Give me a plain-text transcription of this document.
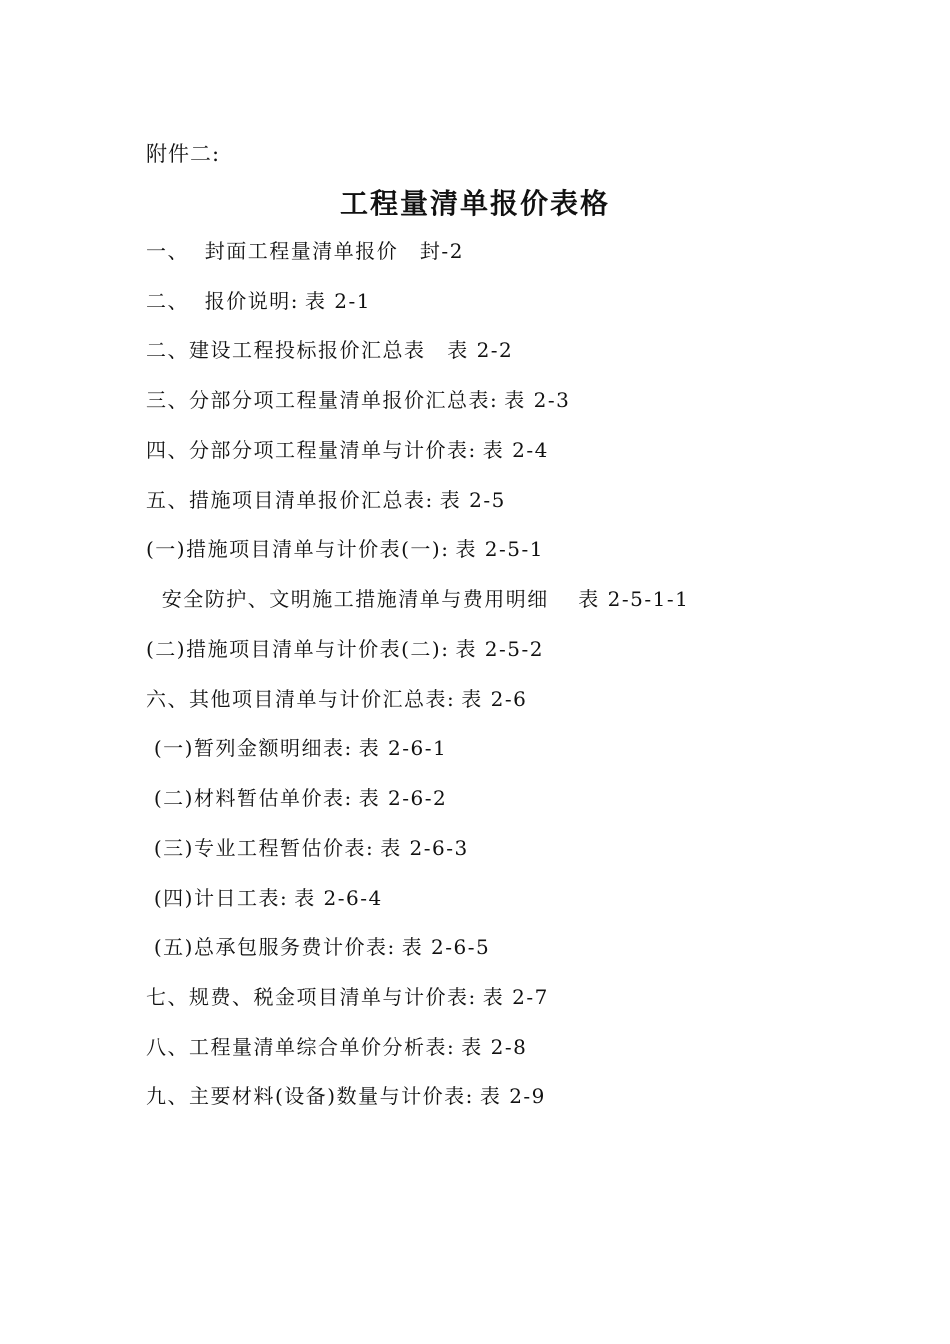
附件二:
工程量清单报价表格
一、  封面工程量清单报价  封-2
二、  报价说明: 表 2-1
二、建设工程投标报价汇总表  表 2-2
三、分部分项工程量清单报价汇总表: 表 2-3
四、分部分项工程量清单与计价表: 表 2-4
五、措施项目清单报价汇总表: 表 2-5
(一)措施项目清单与计价表(一): 表 2-5-1
安全防护、文明施工措施清单与费用明细   表 2-5-1-1
(二)措施项目清单与计价表(二): 表 2-5-2
六、其他项目清单与计价汇总表: 表 2-6
(一)暂列金额明细表: 表 2-6-1
(二)材料暂估单价表: 表 2-6-2
(三)专业工程暂估价表: 表 2-6-3
(四)计日工表: 表 2-6-4
(五)总承包服务费计价表: 表 2-6-5
七、规费、税金项目清单与计价表: 表 2-7
八、工程量清单综合单价分析表: 表 2-8
九、主要材料(设备)数量与计价表: 表 2-9
